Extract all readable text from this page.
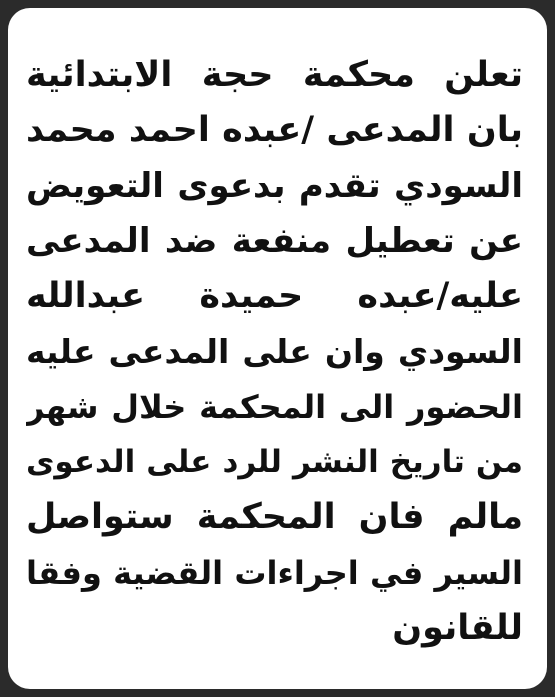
تعلن محكمة حجة الابتدائية
بان المدعى /عبده احمد محمد
السودي تقدم بدعوى التعويض
عن تعطيل منفعة ضد المدعى
عليه/عبده حميدة عبدالله
السودي وان على المدعى عليه
الحضور الى المحكمة خلال شهر
من تاريخ النشر للرد على الدعوى
مالم فان المحكمة ستواصل
السير في اجراءات القضية وفقا
للقانون
